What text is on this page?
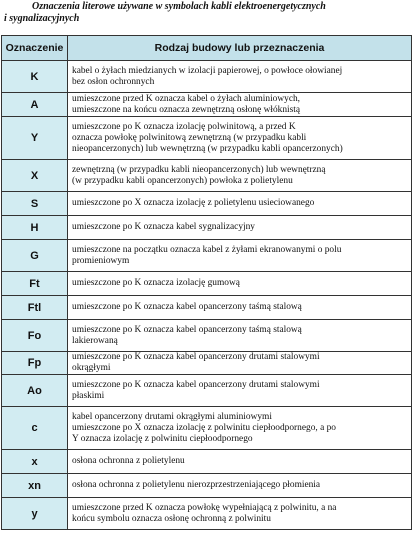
Oznaczenia literowe używane w symbolach kabli elektroenergetycznych
i sygnalizacyjnych
Oznaczenie	Rodzaj budowy lub przeznaczenia
K	kabel o żyłach miedzianych w izolacji papierowej, o powłoce ołowianej
bez osłon ochronnych
A	umieszczone przed K oznacza kabel o żyłach aluminiowych,
umieszczone na końcu oznacza zewnętrzną osłonę włóknistą
Y	umieszczone po K oznacza izolację polwinitową, a przed K
oznacza powłokę polwinitową zewnętrzną (w przypadku kabli
nieopancerzonych) lub wewnętrzną (w przypadku kabli opancerzonych)
X	zewnętrzną (w przypadku kabli nieopancerzonych) lub wewnętrzną
(w przypadku kabli opancerzonych) powłoka z polietylenu
S	umieszczone po X oznacza izolację z polietylenu usieciowanego
H	umieszczone po K oznacza kabel sygnalizacyjny
G	umieszczone na początku oznacza kabel z żyłami ekranowanymi o polu
promieniowym
Ft	umieszczone po K oznacza izolację gumową
Ftl	umieszczone po K oznacza kabel opancerzony taśmą stalową
Fo	umieszczone po K oznacza kabel opancerzony taśmą stalową
lakierowaną
Fp	umieszczone po K oznacza kabel opancerzony drutami stalowymi
okrągłymi
Ao	umieszczone po K oznacza kabel opancerzony drutami stalowymi
płaskimi
c	kabel opancerzony drutami okrągłymi aluminiowymi
umieszczone po X oznacza izolację z polwinitu ciepłoodpornego, a po
Y oznacza izolację z polwinitu ciepłoodpornego
x	osłona ochronna z polietylenu
xn	osłona ochronna z polietylenu nierozprzestrzeniającego płomienia
y	umieszczone przed K oznacza powłokę wypełniającą z polwinitu, a na
końcu symbolu oznacza osłonę ochronną z polwinitu
